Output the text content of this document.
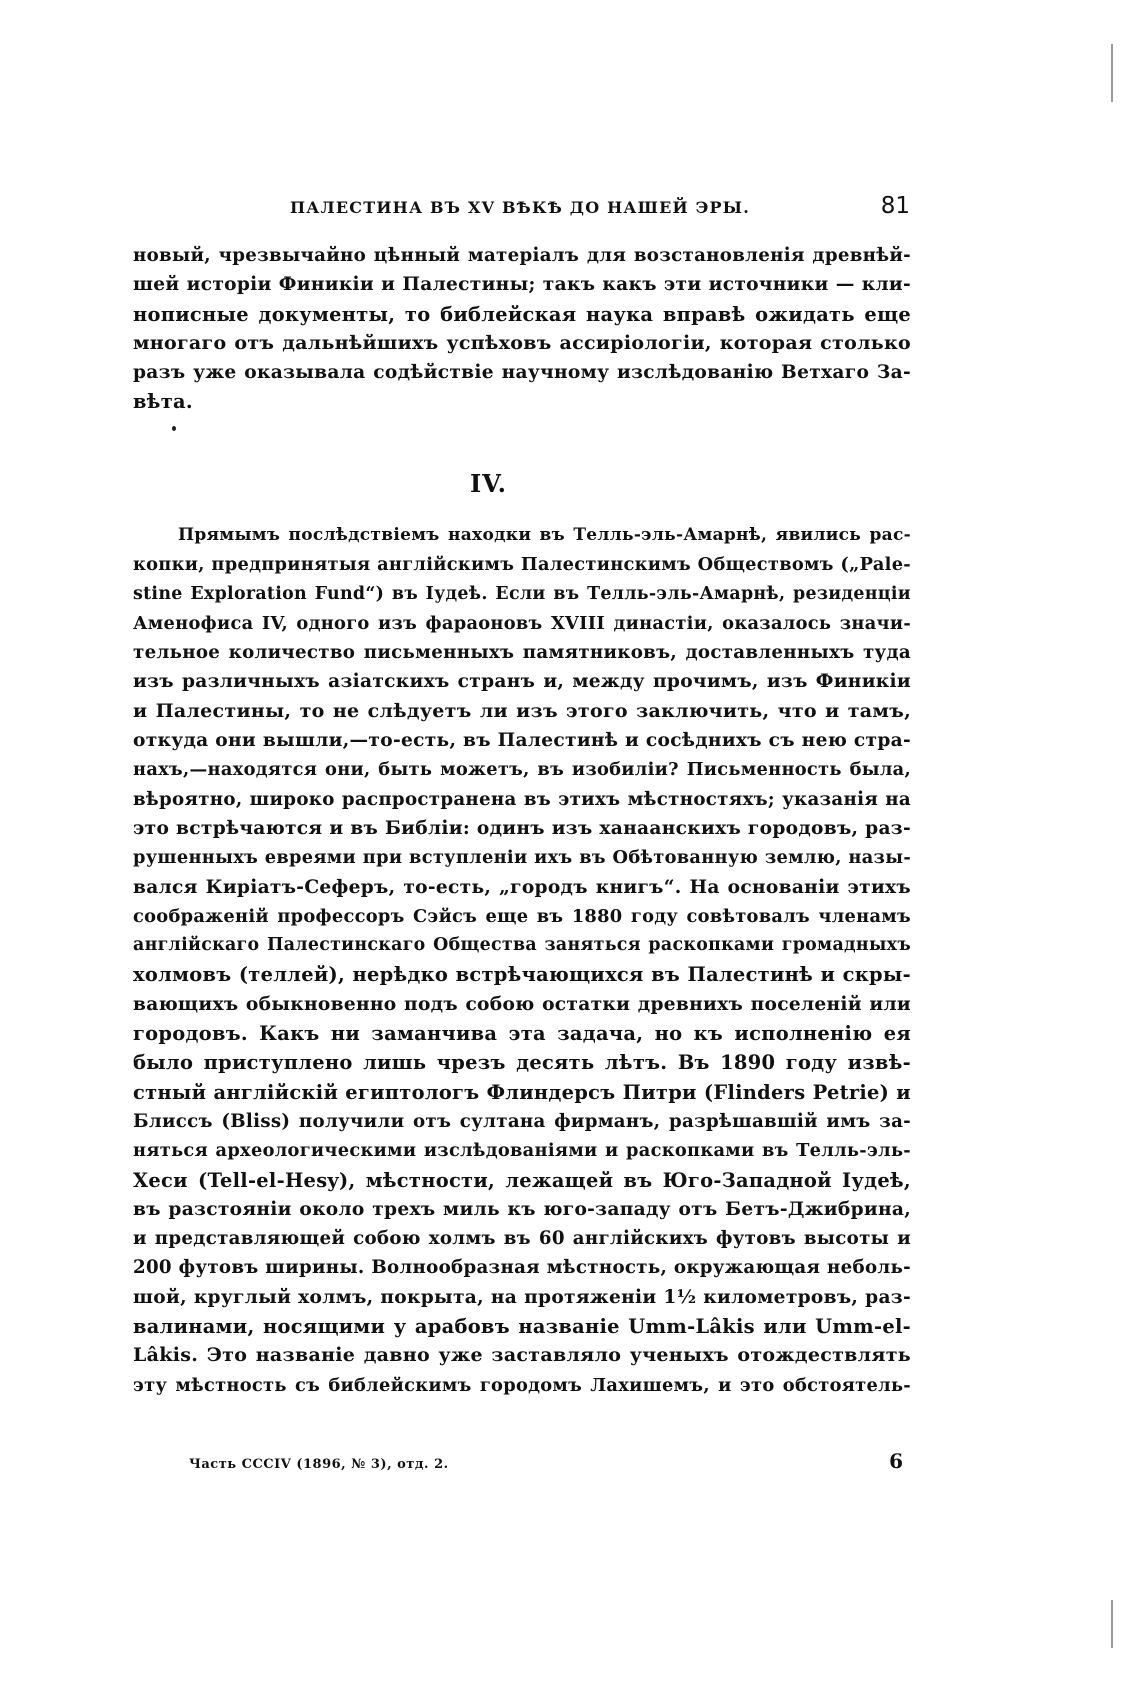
ПАЛЕСТИНА ВЪ XV ВѢКѢ ДО НАШЕЙ ЭРЫ.	81
новый, чрезвычайно цѣнный матеріалъ для возстановленія древнѣй-
шей исторіи Финикіи и Палестины; такъ какъ эти источники — кли-
нописные документы, то библейская наука вправѣ ожидать еще
многаго отъ дальнѣйшихъ успѣховъ ассиріологіи, которая столько
разъ уже оказывала содѣйствіе научному изслѣдованію Ветхаго За-
вѣта.
IV.
Прямымъ послѣдствіемъ находки въ Телль-эль-Амарнѣ, явились рас-
копки, предпринятыя англійскимъ Палестинскимъ Обществомъ („Pale-
stine Exploration Fund“) въ Іудеѣ. Если въ Телль-эль-Амарнѣ, резиденціи
Аменофиса IV, одного изъ фараоновъ XVIII династіи, оказалось значи-
тельное количество письменныхъ памятниковъ, доставленныхъ туда
изъ различныхъ азіатскихъ странъ и, между прочимъ, изъ Финикіи
и Палестины, то не слѣдуетъ ли изъ этого заключить, что и тамъ,
откуда они вышли,—то-есть, въ Палестинѣ и сосѣднихъ съ нею стра-
нахъ,—находятся они, быть можетъ, въ изобиліи? Письменность была,
вѣроятно, широко распространена въ этихъ мѣстностяхъ; указанія на
это встрѣчаются и въ Библіи: одинъ изъ ханаанскихъ городовъ, раз-
рушенныхъ евреями при вступленіи ихъ въ Обѣтованную землю, назы-
вался Киріатъ-Сеферъ, то-есть, „городъ книгъ“. На основаніи этихъ
соображеній профессоръ Сэйсъ еще въ 1880 году совѣтовалъ членамъ
англійскаго Палестинскаго Общества заняться раскопками громадныхъ
холмовъ (теллей), нерѣдко встрѣчающихся въ Палестинѣ и скры-
вающихъ обыкновенно подъ собою остатки древнихъ поселеній или
городовъ. Какъ ни заманчива эта задача, но къ исполненію ея
было приступлено лишь чрезъ десять лѣтъ. Въ 1890 году извѣ-
стный англійскій египтологъ Флиндерсъ Питри (Flinders Petrie) и
Блиссъ (Bliss) получили отъ султана фирманъ, разрѣшавшій имъ за-
няться археологическими изслѣдованіями и раскопками въ Телль-эль-
Хеси (Tell-el-Hesy), мѣстности, лежащей въ Юго-Западной Іудеѣ,
въ разстояніи около трехъ миль къ юго-западу отъ Бетъ-Джибрина,
и представляющей собою холмъ въ 60 англійскихъ футовъ высоты и
200 футовъ ширины. Волнообразная мѣстность, окружающая неболь-
шой, круглый холмъ, покрыта, на протяженіи 1½ километровъ, раз-
валинами, носящими у арабовъ названіе Umm-Lâkis или Umm-el-
Lâkis. Это названіе давно уже заставляло ученыхъ отождествлять
эту мѣстность съ библейскимъ городомъ Лахишемъ, и это обстоятель-
Часть CCCIV (1896, № 3), отд. 2.	6
